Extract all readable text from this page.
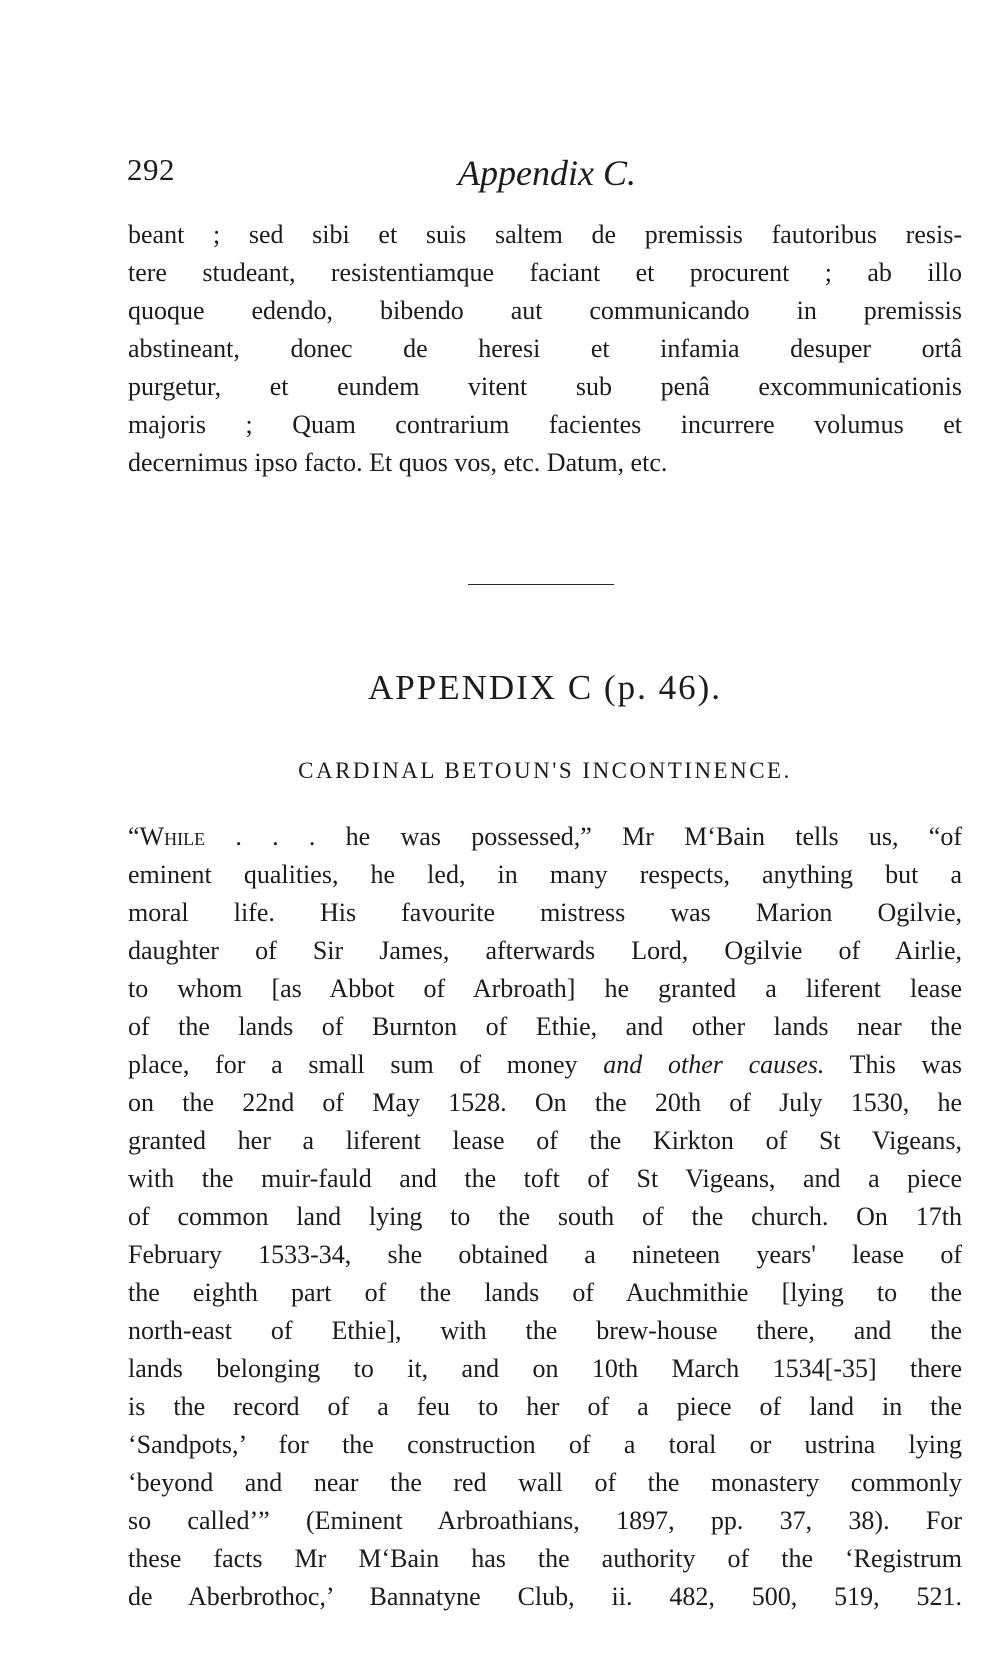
292	Appendix C.

beant ; sed sibi et suis saltem de premissis fautoribus resis-
tere studeant, resistentiamque faciant et procurent ; ab illo
quoque edendo, bibendo aut communicando in premissis
abstineant, donec de heresi et infamia desuper ortâ
purgetur, et eundem vitent sub penâ excommunicationis
majoris ; Quam contrarium facientes incurrere volumus et
decernimus ipso facto. Et quos vos, etc. Datum, etc.

APPENDIX C (p. 46).
CARDINAL BETOUN'S INCONTINENCE.

“While . . . he was possessed,” Mr M‘Bain tells us, “of
eminent qualities, he led, in many respects, anything but a
moral life. His favourite mistress was Marion Ogilvie,
daughter of Sir James, afterwards Lord, Ogilvie of Airlie,
to whom [as Abbot of Arbroath] he granted a liferent lease
of the lands of Burnton of Ethie, and other lands near the
place, for a small sum of money and other causes. This was
on the 22nd of May 1528. On the 20th of July 1530, he
granted her a liferent lease of the Kirkton of St Vigeans,
with the muir-fauld and the toft of St Vigeans, and a piece
of common land lying to the south of the church. On 17th
February 1533-34, she obtained a nineteen years' lease of
the eighth part of the lands of Auchmithie [lying to the
north-east of Ethie], with the brew-house there, and the
lands belonging to it, and on 10th March 1534[-35] there
is the record of a feu to her of a piece of land in the
‘Sandpots,’ for the construction of a toral or ustrina lying
‘beyond and near the red wall of the monastery commonly
so called’” (Eminent Arbroathians, 1897, pp. 37, 38). For
these facts Mr M‘Bain has the authority of the ‘Registrum
de Aberbrothoc,’ Bannatyne Club, ii. 482, 500, 519, 521.
